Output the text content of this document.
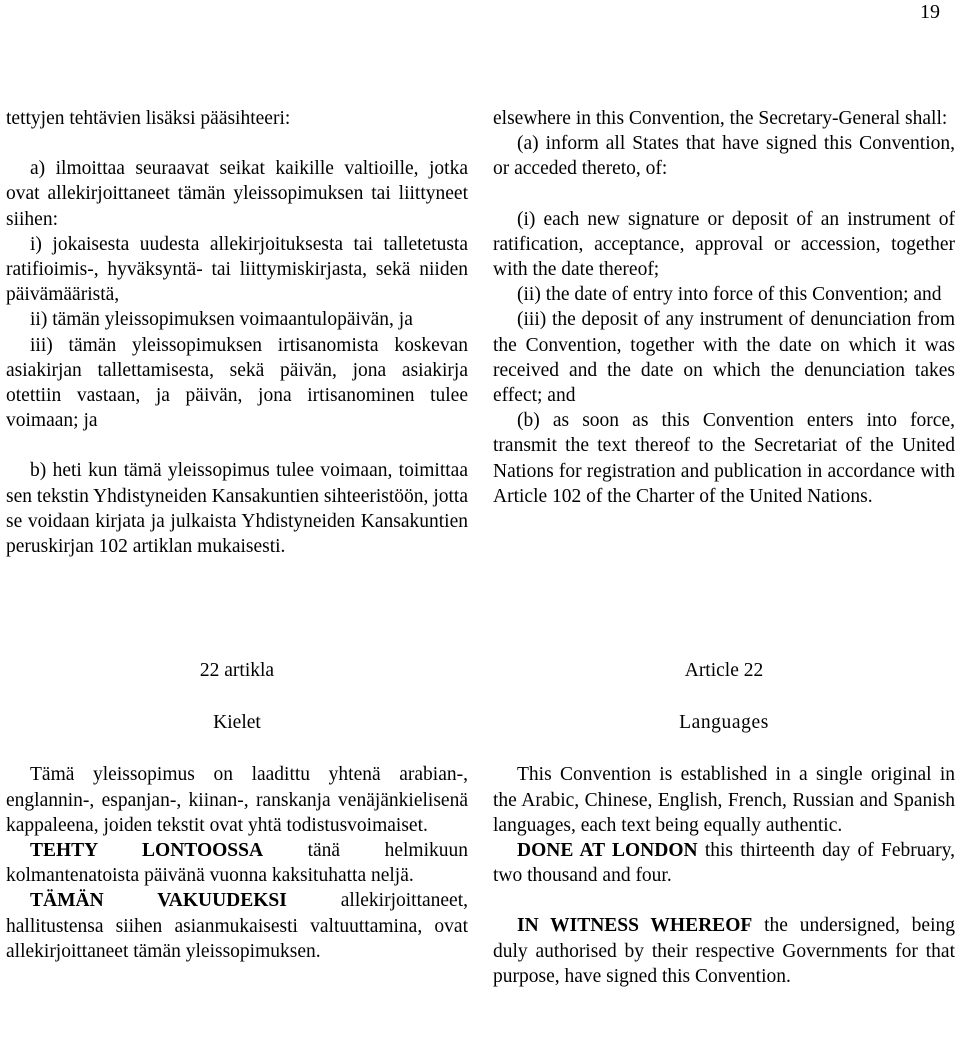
19

tettyjen tehtävien lisäksi pääsihteeri:

a) ilmoittaa seuraavat seikat kaikille valtioille, jotka ovat allekirjoittaneet tämän yleissopimuksen tai liittyneet siihen:

i) jokaisesta uudesta allekirjoituksesta tai talletetusta ratifioimis-, hyväksyntä- tai liittymiskirjasta, sekä niiden päivämääristä,

ii) tämän yleissopimuksen voimaantulopäivän, ja

iii) tämän yleissopimuksen irtisanomista koskevan asiakirjan tallettamisesta, sekä päivän, jona asiakirja otettiin vastaan, ja päivän, jona irtisanominen tulee voimaan; ja

b) heti kun tämä yleissopimus tulee voimaan, toimittaa sen tekstin Yhdistyneiden Kansakuntien sihteeristöön, jotta se voidaan kirjata ja julkaista Yhdistyneiden Kansakuntien peruskirjan 102 artiklan mukaisesti.

elsewhere in this Convention, the Secretary-General shall:

(a) inform all States that have signed this Convention, or acceded thereto, of:

(i) each new signature or deposit of an instrument of ratification, acceptance, approval or accession, together with the date thereof;

(ii) the date of entry into force of this Convention; and

(iii) the deposit of any instrument of denunciation from the Convention, together with the date on which it was received and the date on which the denunciation takes effect; and

(b) as soon as this Convention enters into force, transmit the text thereof to the Secretariat of the United Nations for registration and publication in accordance with Article 102 of the Charter of the United Nations.

22 artikla

Kielet

Tämä yleissopimus on laadittu yhtenä arabian-, englannin-, espanjan-, kiinan-, ranskanja venäjänkielisenä kappaleena, joiden tekstit ovat yhtä todistusvoimaiset.

TEHTY LONTOOSSA tänä helmikuun kolmantenatoista päivänä vuonna kaksituhatta neljä.

TÄMÄN VAKUUDEKSI allekirjoittaneet, hallitustensa siihen asianmukaisesti valtuuttamina, ovat allekirjoittaneet tämän yleissopimuksen.

Article 22

Languages

This Convention is established in a single original in the Arabic, Chinese, English, French, Russian and Spanish languages, each text being equally authentic.

DONE AT LONDON this thirteenth day of February, two thousand and four.

IN WITNESS WHEREOF the undersigned, being duly authorised by their respective Governments for that purpose, have signed this Convention.
